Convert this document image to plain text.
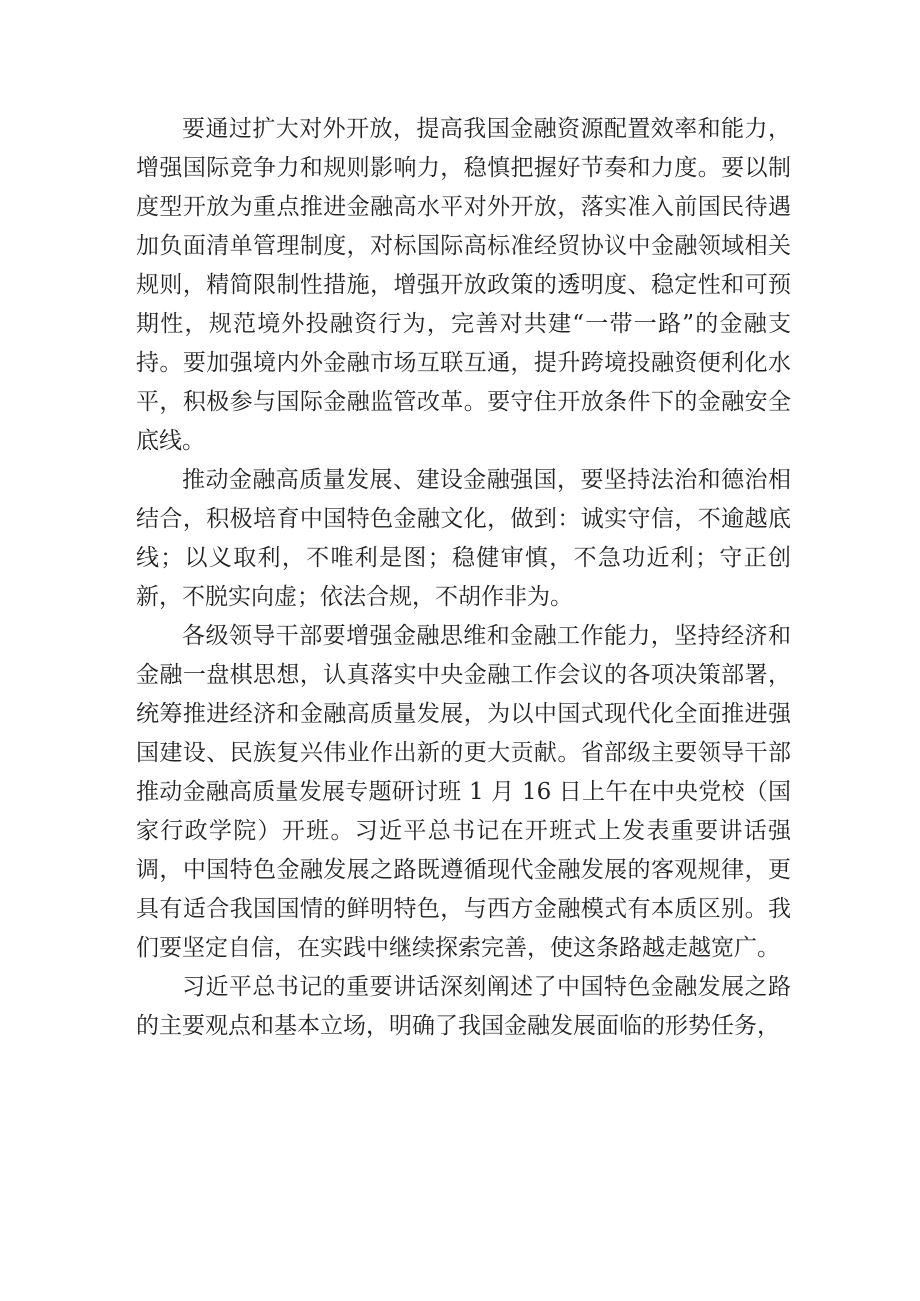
要通过扩大对外开放，提高我国金融资源配置效率和能力，增强国际竞争力和规则影响力，稳慎把握好节奏和力度。要以制度型开放为重点推进金融高水平对外开放，落实准入前国民待遇加负面清单管理制度，对标国际高标准经贸协议中金融领域相关规则，精简限制性措施，增强开放政策的透明度、稳定性和可预期性，规范境外投融资行为，完善对共建“一带一路”的金融支持。要加强境内外金融市场互联互通，提升跨境投融资便利化水平，积极参与国际金融监管改革。要守住开放条件下的金融安全底线。

推动金融高质量发展、建设金融强国，要坚持法治和德治相结合，积极培育中国特色金融文化，做到：诚实守信，不逾越底线；以义取利，不唯利是图；稳健审慎，不急功近利；守正创新，不脱实向虚；依法合规，不胡作非为。

各级领导干部要增强金融思维和金融工作能力，坚持经济和金融一盘棋思想，认真落实中央金融工作会议的各项决策部署，统筹推进经济和金融高质量发展，为以中国式现代化全面推进强国建设、民族复兴伟业作出新的更大贡献。省部级主要领导干部推动金融高质量发展专题研讨班 1 月 16 日上午在中央党校（国家行政学院）开班。习近平总书记在开班式上发表重要讲话强调，中国特色金融发展之路既遵循现代金融发展的客观规律，更具有适合我国国情的鲜明特色，与西方金融模式有本质区别。我们要坚定自信，在实践中继续探索完善，使这条路越走越宽广。

习近平总书记的重要讲话深刻阐述了中国特色金融发展之路的主要观点和基本立场，明确了我国金融发展面临的形势任务，
